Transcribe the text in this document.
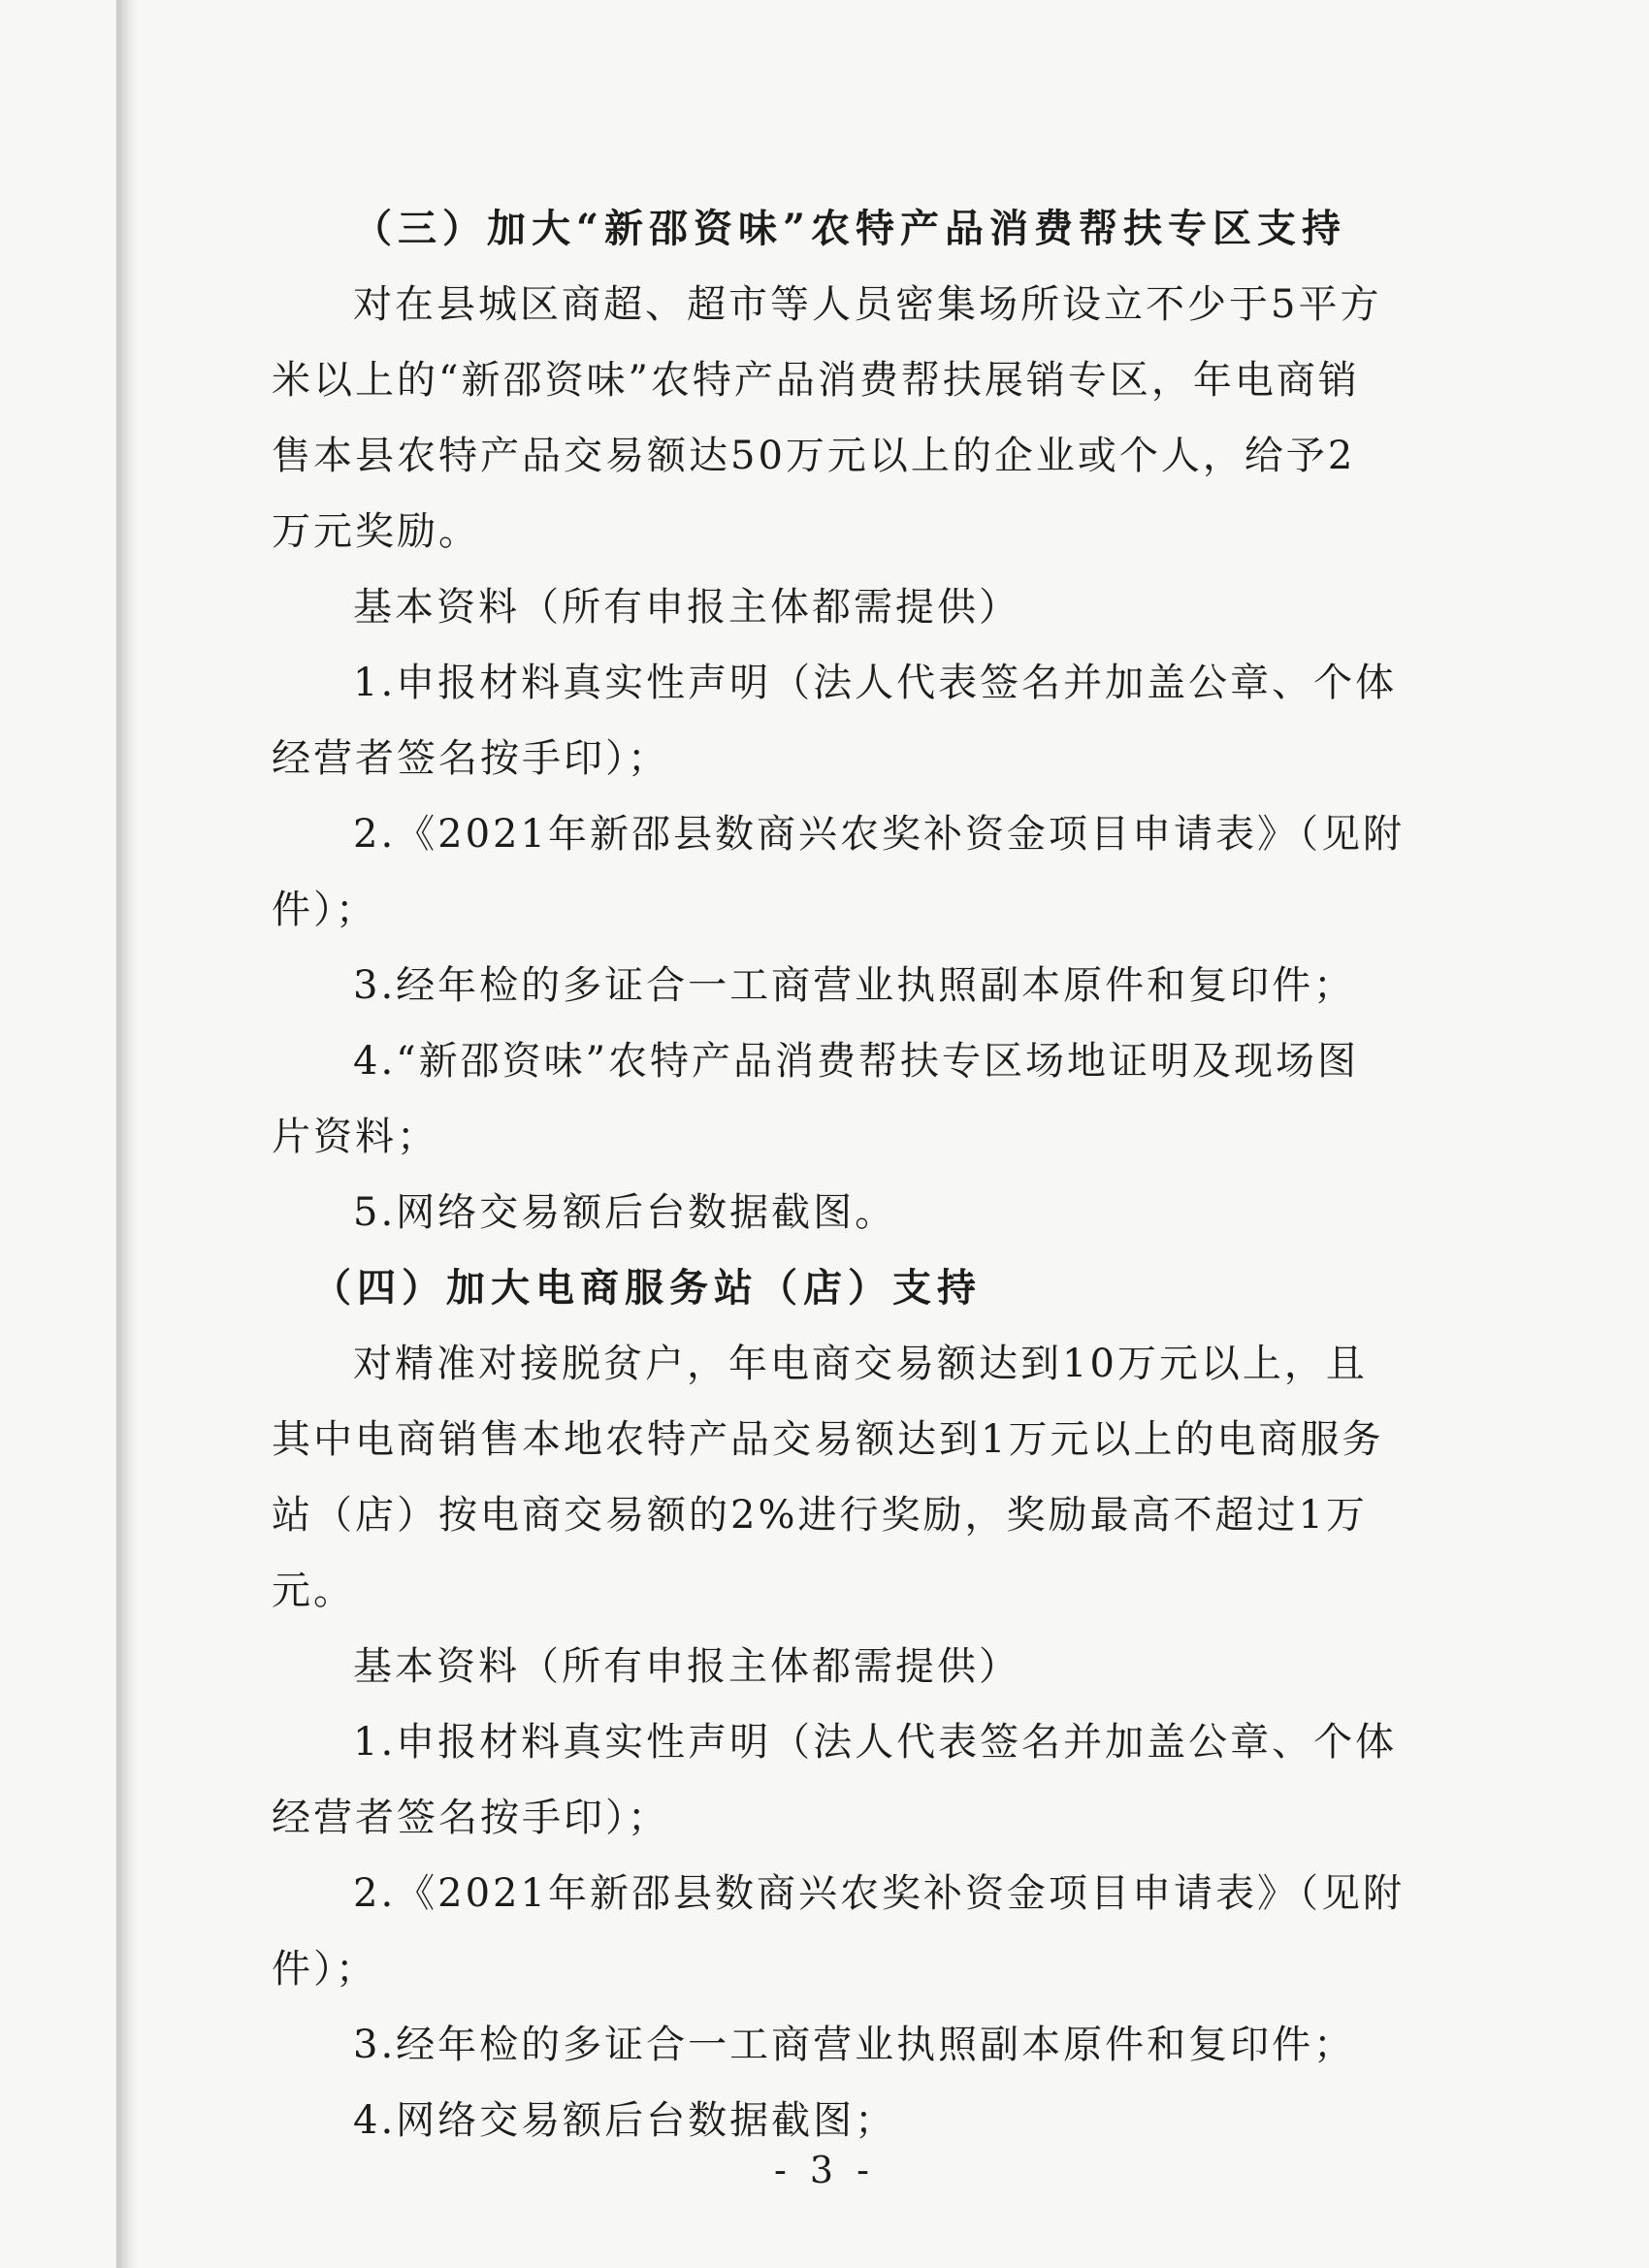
（三）加大“新邵资味”农特产品消费帮扶专区支持
对在县城区商超、超市等人员密集场所设立不少于5平方
米以上的“新邵资味”农特产品消费帮扶展销专区，年电商销
售本县农特产品交易额达50万元以上的企业或个人，给予2
万元奖励。
基本资料（所有申报主体都需提供）
1.申报材料真实性声明（法人代表签名并加盖公章、个体
经营者签名按手印）；
2.《2021年新邵县数商兴农奖补资金项目申请表》（见附
件）；
3.经年检的多证合一工商营业执照副本原件和复印件；
4.“新邵资味”农特产品消费帮扶专区场地证明及现场图
片资料；
5.网络交易额后台数据截图。
（四）加大电商服务站（店）支持
对精准对接脱贫户，年电商交易额达到10万元以上，且
其中电商销售本地农特产品交易额达到1万元以上的电商服务
站（店）按电商交易额的2%进行奖励，奖励最高不超过1万
元。
基本资料（所有申报主体都需提供）
1.申报材料真实性声明（法人代表签名并加盖公章、个体
经营者签名按手印）；
2.《2021年新邵县数商兴农奖补资金项目申请表》（见附
件）；
3.经年检的多证合一工商营业执照副本原件和复印件；
4.网络交易额后台数据截图；
- 3 -
